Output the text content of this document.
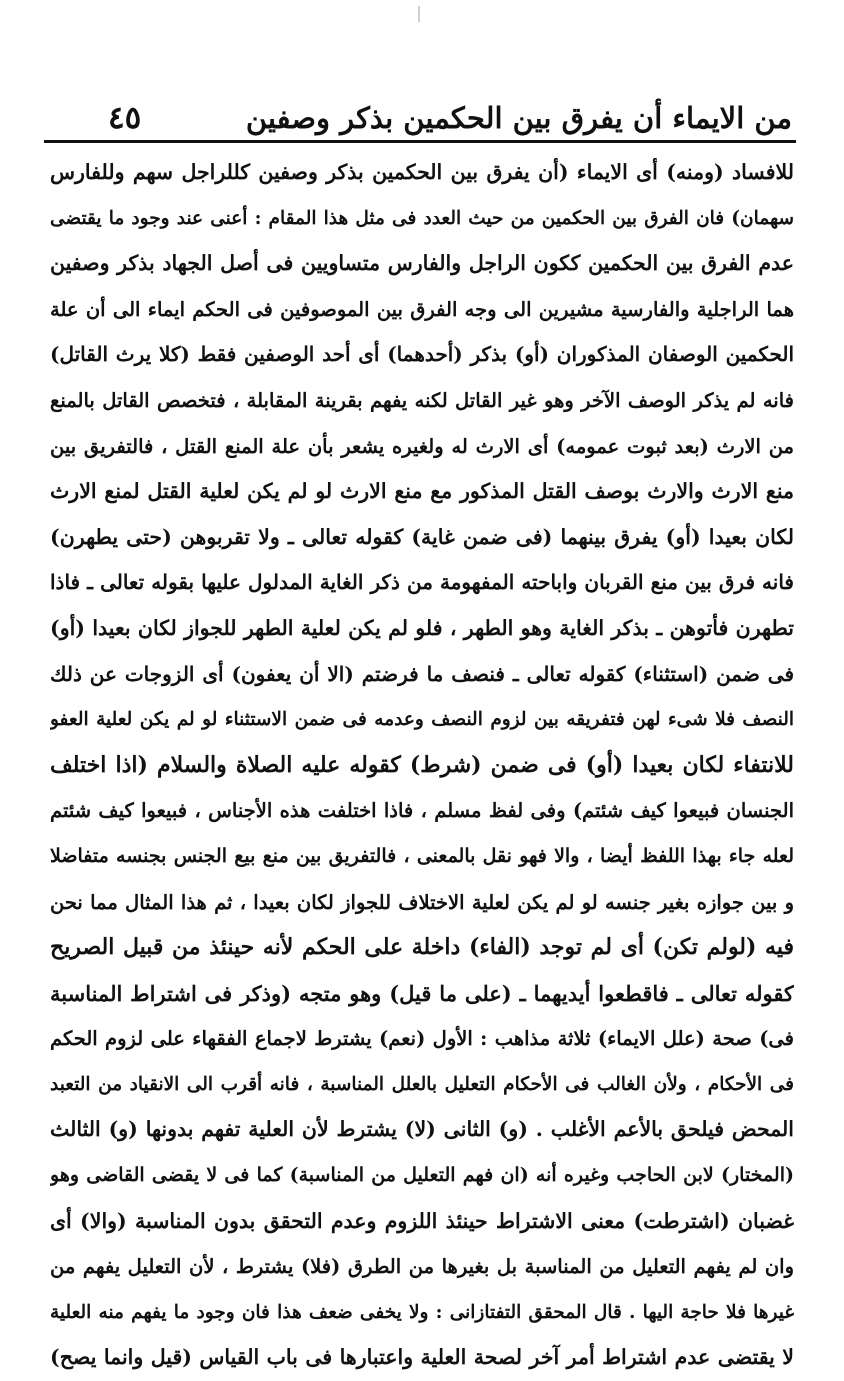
من الايماء أن يفرق بين الحكمين بذكر وصفين
٤٥
للافساد (ومنه) أى الايماء (أن يفرق بين الحكمين بذكر وصفين كللراجل سهم وللفارس
سهمان) فان الفرق بين الحكمين من حيث العدد فى مثل هذا المقام : أعنى عند وجود ما يقتضى
عدم الفرق بين الحكمين ككون الراجل والفارس متساويين فى أصل الجهاد بذكر وصفين
هما الراجلية والفارسية مشيرين الى وجه الفرق بين الموصوفين فى الحكم ايماء الى أن علة
الحكمين الوصفان المذكوران (أو) بذكر (أحدهما) أى أحد الوصفين فقط (كلا يرث القاتل)
فانه لم يذكر الوصف الآخر وهو غير القاتل لكنه يفهم بقرينة المقابلة ، فتخصص القاتل بالمنع
من الارث (بعد ثبوت عمومه) أى الارث له ولغيره يشعر بأن علة المنع القتل ، فالتفريق بين
منع الارث والارث بوصف القتل المذكور مع منع الارث لو لم يكن لعلية القتل لمنع الارث
لكان بعيدا (أو) يفرق بينهما (فى ضمن غاية) كقوله تعالى ـ ولا تقربوهن (حتى يطهرن)
فانه فرق بين منع القربان واباحته المفهومة من ذكر الغاية المدلول عليها بقوله تعالى ـ فاذا
تطهرن فأتوهن ـ بذكر الغاية وهو الطهر ، فلو لم يكن لعلية الطهر للجواز لكان بعيدا (أو)
فى ضمن (استثناء) كقوله تعالى ـ فنصف ما فرضتم (الا أن يعفون) أى الزوجات عن ذلك
النصف فلا شىء لهن فتفريقه بين لزوم النصف وعدمه فى ضمن الاستثناء لو لم يكن لعلية العفو
للانتفاء لكان بعيدا (أو) فى ضمن (شرط) كقوله عليه الصلاة والسلام (اذا اختلف
الجنسان فبيعوا كيف شئتم) وفى لفظ مسلم ، فاذا اختلفت هذه الأجناس ، فبيعوا كيف شئتم
لعله جاء بهذا اللفظ أيضا ، والا فهو نقل بالمعنى ، فالتفريق بين منع بيع الجنس بجنسه متفاضلا
و بين جوازه بغير جنسه لو لم يكن لعلية الاختلاف للجواز لكان بعيدا ، ثم هذا المثال مما نحن
فيه (لولم تكن) أى لم توجد (الفاء) داخلة على الحكم لأنه حينئذ من قبيل الصريح
كقوله تعالى ـ فاقطعوا أيديهما ـ (على ما قيل) وهو متجه (وذكر فى اشتراط المناسبة
فى) صحة (علل الايماء) ثلاثة مذاهب : الأول (نعم) يشترط لاجماع الفقهاء على لزوم الحكم
فى الأحكام ، ولأن الغالب فى الأحكام التعليل بالعلل المناسبة ، فانه أقرب الى الانقياد من التعبد
المحض فيلحق بالأعم الأغلب . (و) الثانى (لا) يشترط لأن العلية تفهم بدونها (و) الثالث
(المختار) لابن الحاجب وغيره أنه (ان فهم التعليل من المناسبة) كما فى لا يقضى القاضى وهو
غضبان (اشترطت) معنى الاشتراط حينئذ اللزوم وعدم التحقق بدون المناسبة (والا) أى
وان لم يفهم التعليل من المناسبة بل بغيرها من الطرق (فلا) يشترط ، لأن التعليل يفهم من
غيرها فلا حاجة اليها . قال المحقق التفتازانى : ولا يخفى ضعف هذا فان وجود ما يفهم منه العلية
لا يقتضى عدم اشتراط أمر آخر لصحة العلية واعتبارها فى باب القياس (قيل وانما يصح)
